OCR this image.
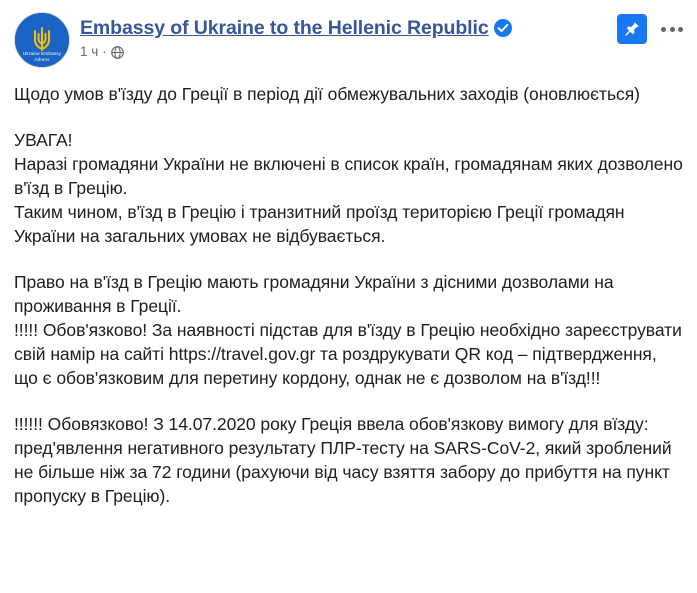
Ukraine Embassy
Athens
Embassy of Ukraine to the Hellenic Republic
1 ч ·

Щодо умов в'їзду до Греції в період дії обмежувальних заходів (оновлюється)

УВАГА!

Наразі громадяни України не включені в список країн, громадянам яких дозволено в'їзд в Грецію.

Таким чином, в'їзд в Грецію і транзитний проїзд територією Греції громадян України на загальних умовах не відбувається.

Право на в'їзд в Грецію мають громадяни України з дісними дозволами на проживання в Греції.

!!!!! Обов'язково! За наявності підстав для в'їзду в Грецію необхідно зареєструвати свій намір на сайті https://travel.gov.gr та роздрукувати QR код – підтвердження, що є обов'язковим для перетину кордону, однак не є дозволом на в'їзд!!!

!!!!!! Обовязково! З 14.07.2020 року Греція ввела обов'язкову вимогу для вїзду: пред'явлення негативного результату ПЛР-тесту на SARS-CoV-2, який зроблений не більше ніж за 72 години (рахуючи від часу взяття забору до прибуття на пункт пропуску в Грецію).
